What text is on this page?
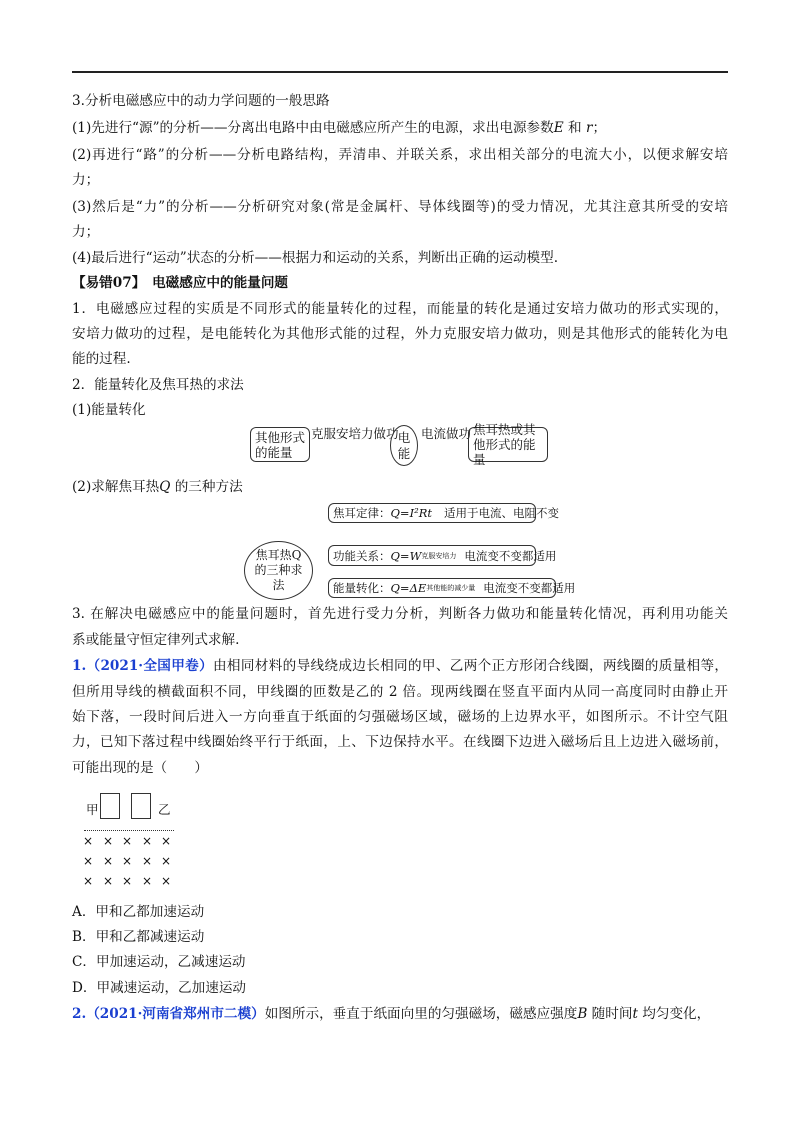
3.分析电磁感应中的动力学问题的一般思路
(1)先进行“源”的分析——分离出电路中由电磁感应所产生的电源，求出电源参数E 和 r；
(2)再进行“路”的分析——分析电路结构，弄清串、并联关系，求出相关部分的电流大小，以便求解安培
力；
(3)然后是“力”的分析——分析研究对象(常是金属杆、导体线圈等)的受力情况，尤其注意其所受的安培
力；
(4)最后进行“运动”状态的分析——根据力和运动的关系，判断出正确的运动模型.
【易错07】　电磁感应中的能量问题
1．电磁感应过程的实质是不同形式的能量转化的过程，而能量的转化是通过安培力做功的形式实现的，
安培力做功的过程，是电能转化为其他形式能的过程，外力克服安培力做功，则是其他形式的能转化为电
能的过程.
2．能量转化及焦耳热的求法
(1)能量转化
其他形式的能量
克服安培力做功 电能
电流做功 焦耳热或其他形式的能量
(2)求解焦耳热Q 的三种方法
焦耳热Q的三种求法
焦耳定律： Q=I²Rt 适用于电流、电阻不变
功能关系： Q=W 克服安培力 电流变不变都适用
能量转化： Q=ΔE 其他能的减少量 电流变不变都适用
3. 在解决电磁感应中的能量问题时，首先进行受力分析，判断各力做功和能量转化情况，再利用功能关
系或能量守恒定律列式求解.
1.（2021·全国甲卷）由相同材料的导线绕成边长相同的甲、乙两个正方形闭合线圈，两线圈的质量相等，
但所用导线的横截面积不同，甲线圈的匝数是乙的 2 倍。现两线圈在竖直平面内从同一高度同时由静止开
始下落，一段时间后进入一方向垂直于纸面的匀强磁场区域，磁场的上边界水平，如图所示。不计空气阻
力，已知下落过程中线圈始终平行于纸面，上、下边保持水平。在线圈下边进入磁场后且上边进入磁场前，
可能出现的是（　　）
甲	乙
× × × × ×
× × × × ×
× × × × ×
A．甲和乙都加速运动
B．甲和乙都减速运动
C．甲加速运动，乙减速运动
D．甲减速运动，乙加速运动
2.（2021·河南省郑州市二模）如图所示，垂直于纸面向里的匀强磁场，磁感应强度B 随时间t 均匀变化，
